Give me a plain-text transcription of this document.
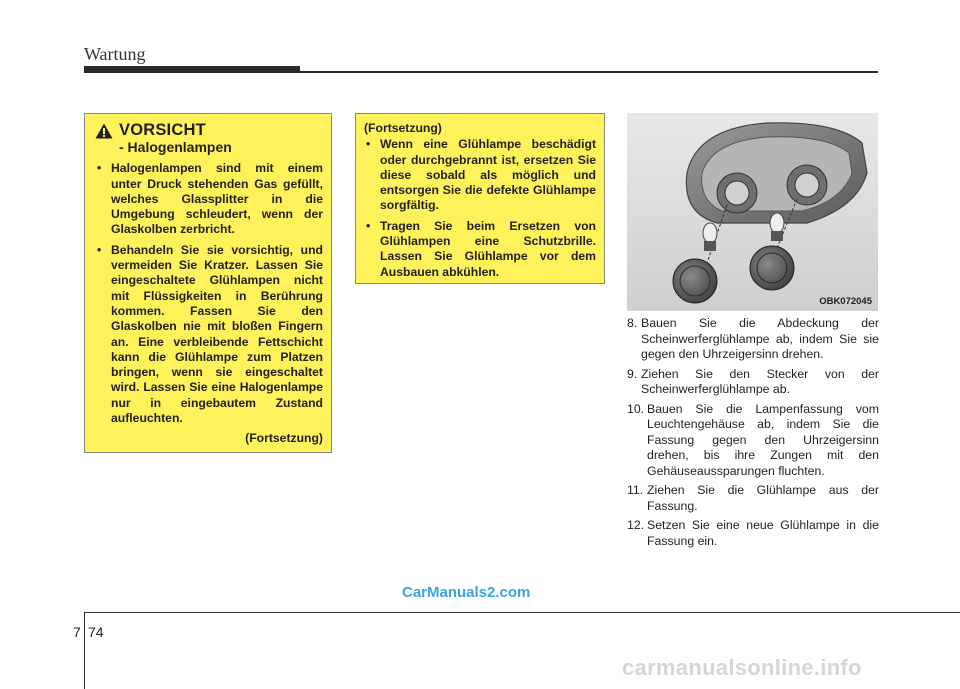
Wartung
VORSICHT
- Halogenlampen
• Halogenlampen sind mit einem unter Druck stehenden Gas gefüllt, welches Glassplitter in die Umgebung schleudert, wenn der Glaskolben zerbricht.
• Behandeln Sie sie vorsichtig, und vermeiden Sie Kratzer. Lassen Sie eingeschaltete Glühlampen nicht mit Flüssigkeiten in Berührung kommen. Fassen Sie den Glaskolben nie mit bloßen Fingern an. Eine verbleibende Fettschicht kann die Glühlampe zum Platzen bringen, wenn sie eingeschaltet wird. Lassen Sie eine Halogenlampe nur in eingebautem Zustand aufleuchten.
(Fortsetzung)
(Fortsetzung)
• Wenn eine Glühlampe beschädigt oder durchgebrannt ist, ersetzen Sie diese sobald als möglich und entsorgen Sie die defekte Glühlampe sorgfältig.
• Tragen Sie beim Ersetzen von Glühlampen eine Schutzbrille. Lassen Sie Glühlampe vor dem Ausbauen abkühlen.
OBK072045
8. Bauen Sie die Abdeckung der Scheinwerferglühlampe ab, indem Sie sie gegen den Uhrzeigersinn drehen.
9. Ziehen Sie den Stecker von der Scheinwerferglühlampe ab.
10. Bauen Sie die Lampenfassung vom Leuchtengehäuse ab, indem Sie die Fassung gegen den Uhrzeigersinn drehen, bis ihre Zungen mit den Gehäuseaussparungen fluchten.
11. Ziehen Sie die Glühlampe aus der Fassung.
12. Setzen Sie eine neue Glühlampe in die Fassung ein.
CarManuals2.com
7 74
carmanualsonline.info
